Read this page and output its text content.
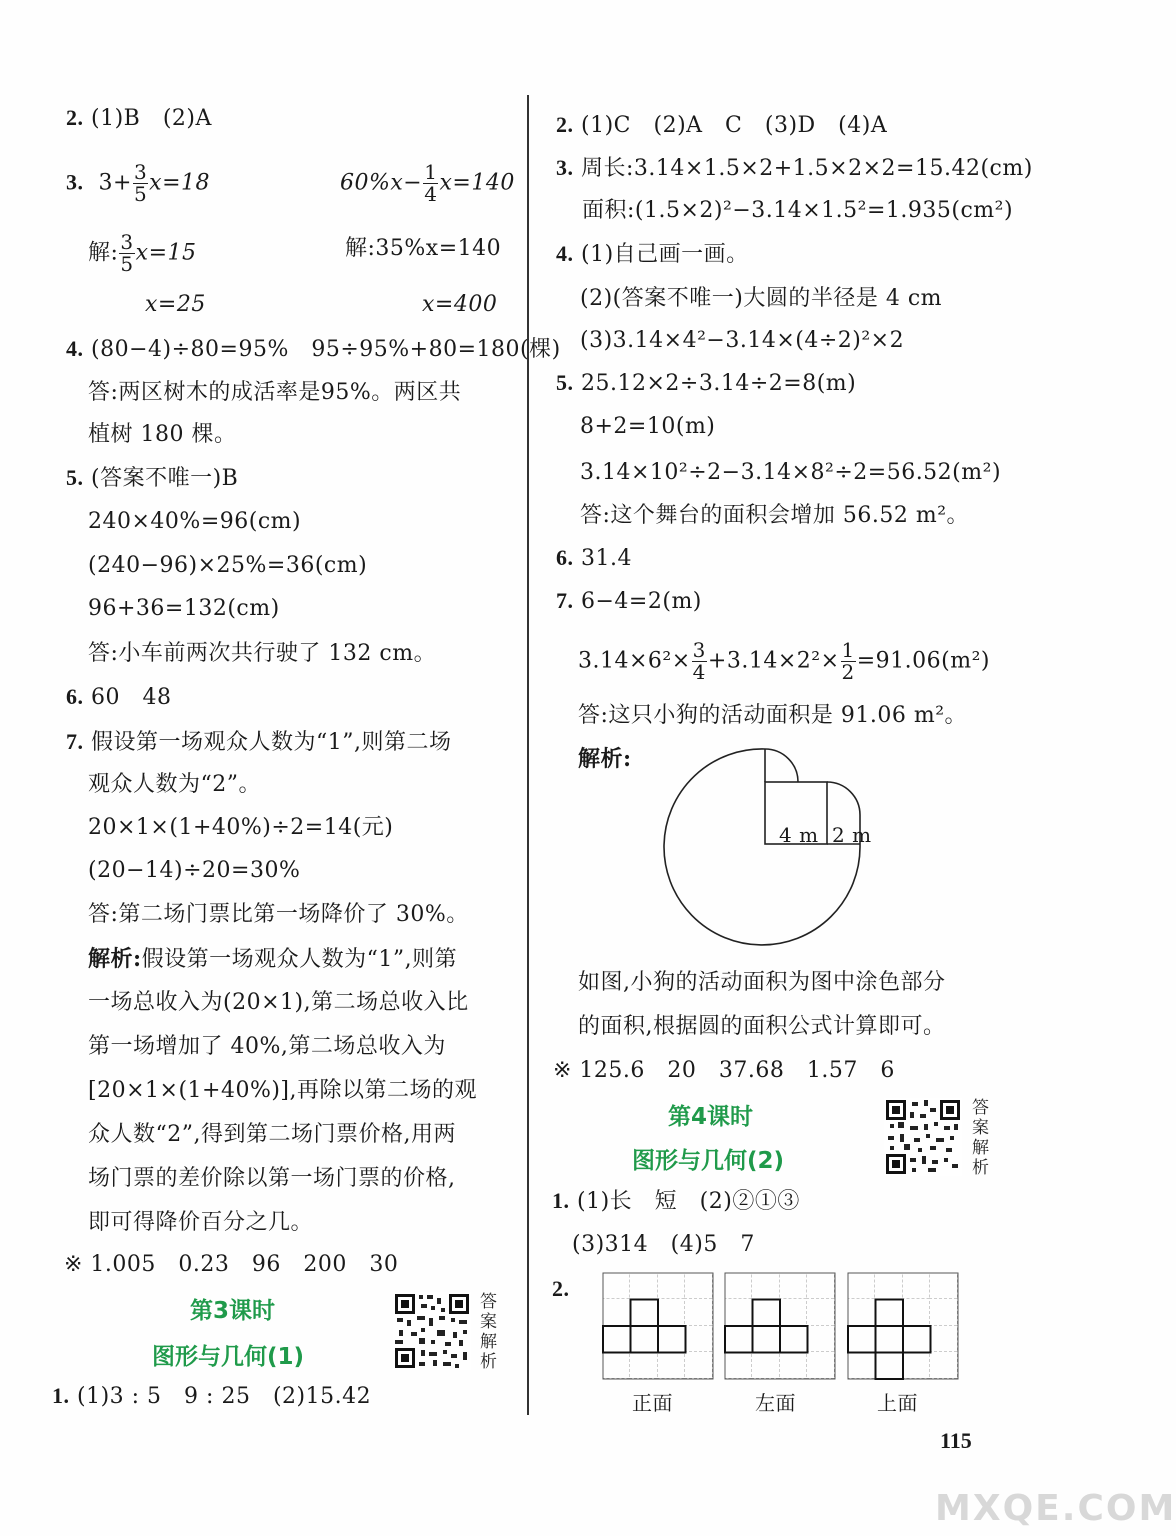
2. (1)B　(2)A
3. $3+ \frac{3}{5} x=18$	$60\%x- \frac{1}{4} x=140$
解: $\frac{3}{5} x=15$	解:35%x=140
x=25	x=400
4. (80−4)÷80=95%　95÷95%+80=180(棵)
答:两区树木的成活率是95%。两区共
植树 180 棵。
5. (答案不唯一)B
240×40%=96(cm)
(240−96)×25%=36(cm)
96+36=132(cm)
答:小车前两次共行驶了 132 cm。
6. 60　48
7. 假设第一场观众人数为“1”,则第二场
观众人数为“2”。
20×1×(1+40%)÷2=14(元)
(20−14)÷20=30%
答:第二场门票比第一场降价了 30%。
解析:假设第一场观众人数为“1”,则第
一场总收入为(20×1),第二场总收入比
第一场增加了 40%,第二场总收入为
[20×1×(1+40%)],再除以第二场的观
众人数“2”,得到第二场门票价格,用两
场门票的差价除以第一场门票的价格,
即可得降价百分之几。
※ 1.005　0.23　96　200　30
第3课时
图形与几何(1)
答案解析
1. (1)3 : 5　9 : 25　(2)15.42
2. (1)C　(2)A　C　(3)D　(4)A
3. 周长:3.14×1.5×2+1.5×2×2=15.42(cm)
面积:(1.5×2)²−3.14×1.5²=1.935(cm²)
4. (1)自己画一画。
(2)(答案不唯一)大圆的半径是 4 cm
(3)3.14×4²−3.14×(4÷2)²×2
5. 25.12×2÷3.14÷2=8(m)
8+2=10(m)
3.14×10²÷2−3.14×8²÷2=56.52(m²)
答:这个舞台的面积会增加 56.52 m²。
6. 31.4
7. 6−4=2(m)
$3.14\times 6^2\times \frac{3}{4} +3.14\times 2^2\times \frac{1}{2} =91.06(m^2)$
答:这只小狗的活动面积是 91.06 m²。
解析:
4 m 2 m
如图,小狗的活动面积为图中涂色部分
的面积,根据圆的面积公式计算即可。
※ 125.6　20　37.68　1.57　6
第4课时
图形与几何(2)
答案解析
1. (1)长　短　(2)②①③
(3)314　(4)5　7
2.
正面	左面	上面
115
MXQE.COM
